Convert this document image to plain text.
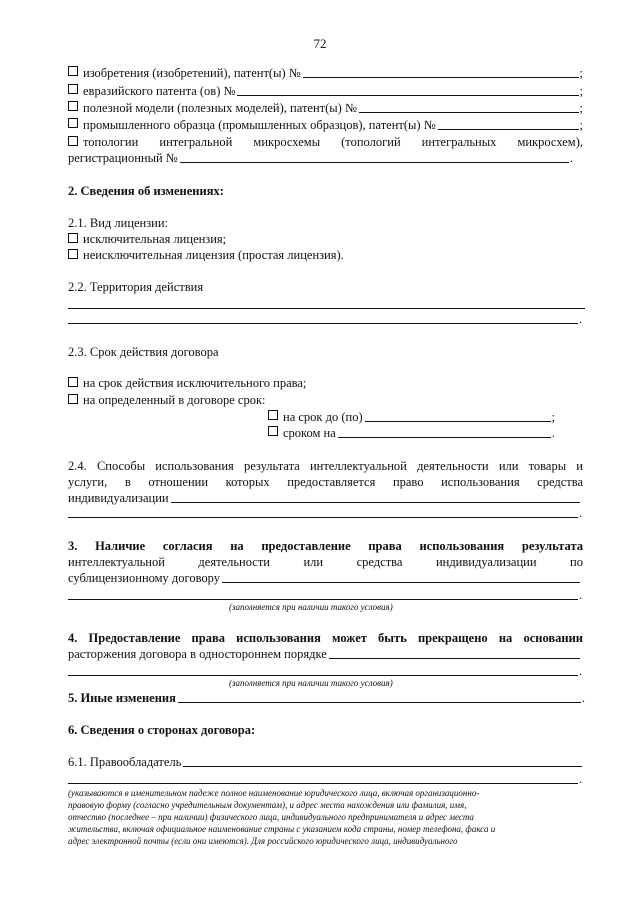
72
изобретения (изобретений), патент(ы) №	;
евразийского патента (ов) №	;
полезной модели (полезных моделей), патент(ы) №	;
промышленного образца (промышленных образцов), патент(ы) №	;
топологии интегральной микросхемы (топологий интегральных микросхем),
регистрационный №	.
2. Сведения об изменениях:
2.1. Вид лицензии:
исключительная лицензия;
неисключительная лицензия (простая лицензия).
2.2. Территория действия
.
2.3. Срок действия договора
на срок действия исключительного права;
на определенный в договоре срок:
на срок до (по)	;
сроком на	.
2.4. Способы использования результата интеллектуальной деятельности или товары и
услуги, в отношении которых предоставляется право использования средства
индивидуализации
.
3. Наличие согласия на предоставление права использования результата
интеллектуальной деятельности или средства индивидуализации по
сублицензионному договору
.
(заполняется при наличии такого условия)
4. Предоставление права использования может быть прекращено на основании
расторжения договора в одностороннем порядке
.
(заполняется при наличии такого условия)
5. Иные изменения	.
6. Сведения о сторонах договора:
6.1. Правообладатель
.
(указываются в именительном падеже полное наименование юридического лица, включая организационно-
правовую форму (согласно учредительным документам), и адрес места нахождения или фамилия, имя,
отчество (последнее – при наличии) физического лица, индивидуального предпринимателя и адрес места
жительства, включая официальное наименование страны с указанием кода страны, номер телефона, факса и
адрес электронной почты (если они имеются). Для российского юридического лица, индивидуального
